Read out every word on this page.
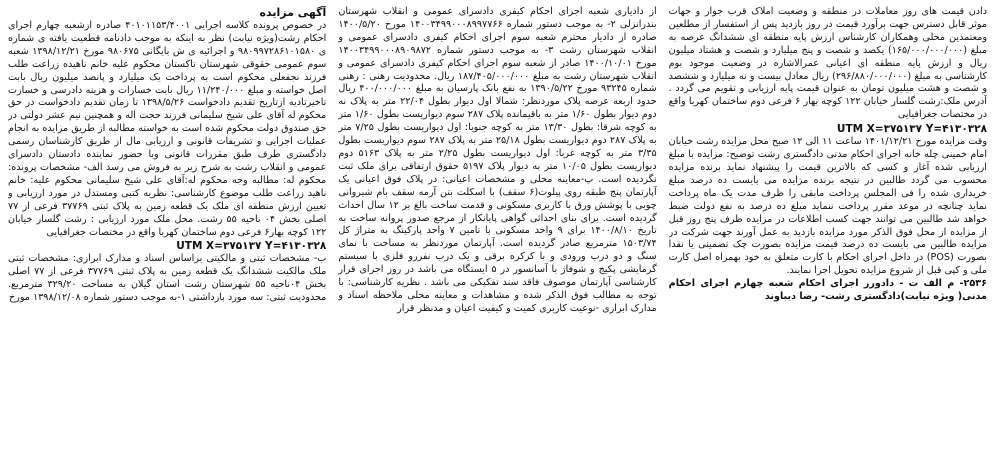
آگهی مزایده

در خصوص پرونده کلاسه اجرایی ۴۰۱۰۱۱۵۳/۴۰۰۱ صادره ازشعبه چهارم اجرای احکام رشت(ویژه نیابت) نظر به اینکه به موجب دادنامه قطعیت یافته ی شماره ی ۹۸۰۹۹۷۲۸۶۱۰۱۵۸۰ و اجرائیه ی ش بایگانی ۹۸۰۶۷۵ مورخ ۱۳۹۸/۱۲/۲۱ شعبه سوم عمومی حقوقی شهرستان تاکستان محکوم علیه خانم ناهیده زراعت طلب فرزند نجفعلی محکوم است به پرداخت یک میلیارد و پانصد میلیون ریال بابت اصل خواسته و مبلغ ۱۱/۲۴۰/۰۰۰ ریال بابت خسارات و هزینه دادرسی و خسارت تاخیرتادیه ازتاریخ تقدیم دادخواست ۱۳۹۸/۵/۲۶ تا زمان تقدیم دادخواست در حق محکوم له آقای علی شیخ سلیمانی فرزند حجت اله و همچنین نیم عشر دولتی در حق صندوق دولت محکوم شده است به خواسته مطالبه از طریق مزایده به انجام عملیات اجرایی و تشریفات قانونی و ارزیابی مال از طریق کارشناسان رسمی دادگستری طرف طبق مقررات قانونی وبا حضور نماینده دادستان دادسرای عمومی و انقلاب رشت به شرح زیر به فروش می رسد الف- مشخصات پرونده: محکوم له: مطالبه وجه محکوم له:آقای علی شیخ سلیمانی محکوم علیه: خانم ناهید زراعت طلب موضوع کارشناسی: نظریه کتبی ومستدل در مورد ارزیابی و تعیین ارزش منطقه ای ملک یک قطعه زمین به پلاک ثبتی ۳۷۷۶۹ فرعی از ۷۷ اصلی بخش ۰۴ ناحیه ۵۵ رشت. محل ملک مورد ارزیابی : رشت گلسار خیابان ۱۲۲ کوچه بهار۶ فرعی دوم ساختمان کهربا واقع در مختصات جغرافیایی

UTM X=۳۷۵۱۳۷ Y=۴۱۳۰۳۲۸

ب- مشخصات ثبتی و مالکیتی براساس اسناد و مدارک ابرازی: مشخصات ثبتی ملک مالکیت ششدانگ یک قطعه زمین به پلاک ثبتی ۳۷۷۶۹ فرعی از ۷۷ اصلی بخش ۰۴ناحیه ۵۵ شهرستان رشت استان گیلان به مساحت ۳۲۹/۲۰ مترمربع. محدودیت ثبتی: سه مورد بازداشتی ۱-به موجب دستور شماره ۱۳۹۸/۱۲/۰۸ مورخ

از دادیاری شعبه اجرای احکام کیفری دادسرای عمومی و انقلاب شهرستان بندرانزلی ۲- به موجب دستور شماره ۱۴۰۰۳۴۹۹۰۰۰۸۹۹۷۷۶۶ مورخ ۱۴۰۰/۵/۲۰ صادره از دادیار محترم شعبه سوم اجرای احکام کیفری دادسرای عمومی و انقلاب شهرستان رشت ۳- به موجب دستور شماره ۱۴۰۰۳۴۹۹۰۰۰۸۹۰۹۸۷۲ مورخ ۱۴۰۰/۱۰/۰۱ صادر از شعبه سوم اجرای احکام کیفری دادسرای عمومی و انقلاب شهرستان رشت به مبلغ ۱۸۷/۴۰۵/۰۰۰/۰۰۰ ریال. محدودیت رهنی : رهنی شماره ۹۳۲۴۵ مورخ ۱۳۹۰/۵/۲۲ به نفع بانک پارسیان به مبلغ ۴۰۰/۰۰۰/۰۰۰ ریال حدود اربعه عرصه پلاک موردنظر: شمالا اول دیوار بطول ۲۲/۰۴ متر به پلاک نه دوم دیوار بطول ۱/۶۰ متر به باقیمانده پلاک ۲۸۷ سوم دیواریست بطول ۱/۶۰ متر به کوچه شرقا: بطول ۱۳/۳۰ متر به کوچه جنوبا: اول دیواریست بطول ۷/۲۵ متر به پلاک ۲۸۷ دوم دیواریست بطول ۲۵/۱۸ متر به پلاک ۲۸۷ سوم دیواریست بطول ۳/۳۵ متر به کوچه غربا: اول دیواریست بطول ۲/۲۵ متر به پلاک ۵۱۶۳ دوم دیواریست بطول ۱۰/۰۵ متر به دیوار پلاک ۵۱۹۷ حقوق ارتفاقی برای ملک ثبت نگردیده است. پ-معاینه محلی و مشخصات اعیانی: در پلاک فوق اعیانی یک آپارتمان پنج طبقه روی پیلوت(۶ سقف) با اسکلت بتن آرمه سقف بام شیروانی چوبی با پوشش ورق با کاربری مسکونی و قدمت ساخت بالغ بر ۱۲ سال احداث گردیده است. برای بنای احداثی گواهی پایانکار از مرجع صدور پروانه ساخت به تاریخ ۱۴۰۰/۸/۱۰ برای ۹ واحد مسکونی با تامین ۷ واحد پارکینگ به متراژ کل ۱۵۰۳/۷۴ مترمربع صادر گردیده است. آپارتمان موردنظر به مساحت با نمای سنگ و دو درب ورودی و با کرکره برقی و یک درب نفررو فلزی با سیستم گرمایشی پکیج و شوفاژ با آسانسور در ۵ ایستگاه می باشد در روز اجرای قرار کارشناسی آپارتمان موصوف فاقد سند تفکیکی می باشد . نظریه کارشناسی: با توجه به مطالب فوق الذکر شده و مشاهدات و معاینه محلی ملاحظه اسناد و مدارک ابرازی -نوعیت کاربری کمیت و کیفیت اعیان و مدنظر قرار

دادن قیمت های روز معاملات در منطقه و وضعیت املاک قرب جوار و جهات موثر قابل دسترس جهت برآورد قیمت در روز بازدید پس از استفسار از مطلعین ومعتمدین محلی وهمکاران کارشناس ارزش پایه منطقه ای ششدانگ عرصه به مبلغ (۱۶۵/۰۰۰/۰۰۰/۰۰۰) یکصد و شصت و پنج میلیارد و شصت و هشتاد میلیون ریال و ارزش پایه منطقه ای اعیانی عمرالاشاره در وضعیت موجود بوم کارشناسی به مبلغ (۲۹۶/۸۸۰/۰۰۰/۰۰۰) ریال معادل بیست و نه میلیارد و ششصد و شصت و هشت میلیون تومان به عنوان قیمت پایه ارزیابی و تقویم می گردد . آدرس ملک:رشت گلسار خیابان ۱۲۲ کوچه بهار ۶ فرعی دوم ساختمان کهربا واقع در مختصات جغرافیایی

UTM X=۳۷۵۱۳۷ Y=۴۱۳۰۳۲۸

وقت مزایده مورخ ۱۴۰۱/۱۲/۲۱ ساعت ۱۱ الی ۱۲ صبح محل مزایده رشت خیابان امام خمینی چله خانه اجرای احکام مدنی دادگستری رشت توضیح: مزایده با مبلغ ارزیابی شده آغاز و کسی که بالاترین قیمت را پیشنهاد نماید برنده مزایده محسوب می گردد طالبین در نتیجه برنده مزایده می بایست ده درصد مبلغ خریداری شده را فی المجلس پرداخت مابقی را ظرف مدت یک ماه پرداخت نماید چنانچه در موعد مقرر پرداخت ننماید مبلغ ده درصد به نفع دولت ضبط خواهد شد طالبین می توانند جهت کسب اطلاعات در مزایده ظرف پنج روز قبل از مزایده از محل فوق الذکر مورد مزایده بازدید به عمل آورند جهت شرکت در مزایده طالبین می بایست ده درصد قیمت مزایده بصورت چک تضمینی یا نقدا بصورت (POS) در داخل اجرای احکام با کارت متعلق به خود بهمراه اصل کارت ملی و کپی قبل از شروع مزایده تحویل اجرا نمایند.

۲۵۳۶- م الف ت - دادورز اجرای احکام شعبه چهارم اجرای احکام مدنی( ویژه نیابت)دادگستری رشت- رضا دیباوند
